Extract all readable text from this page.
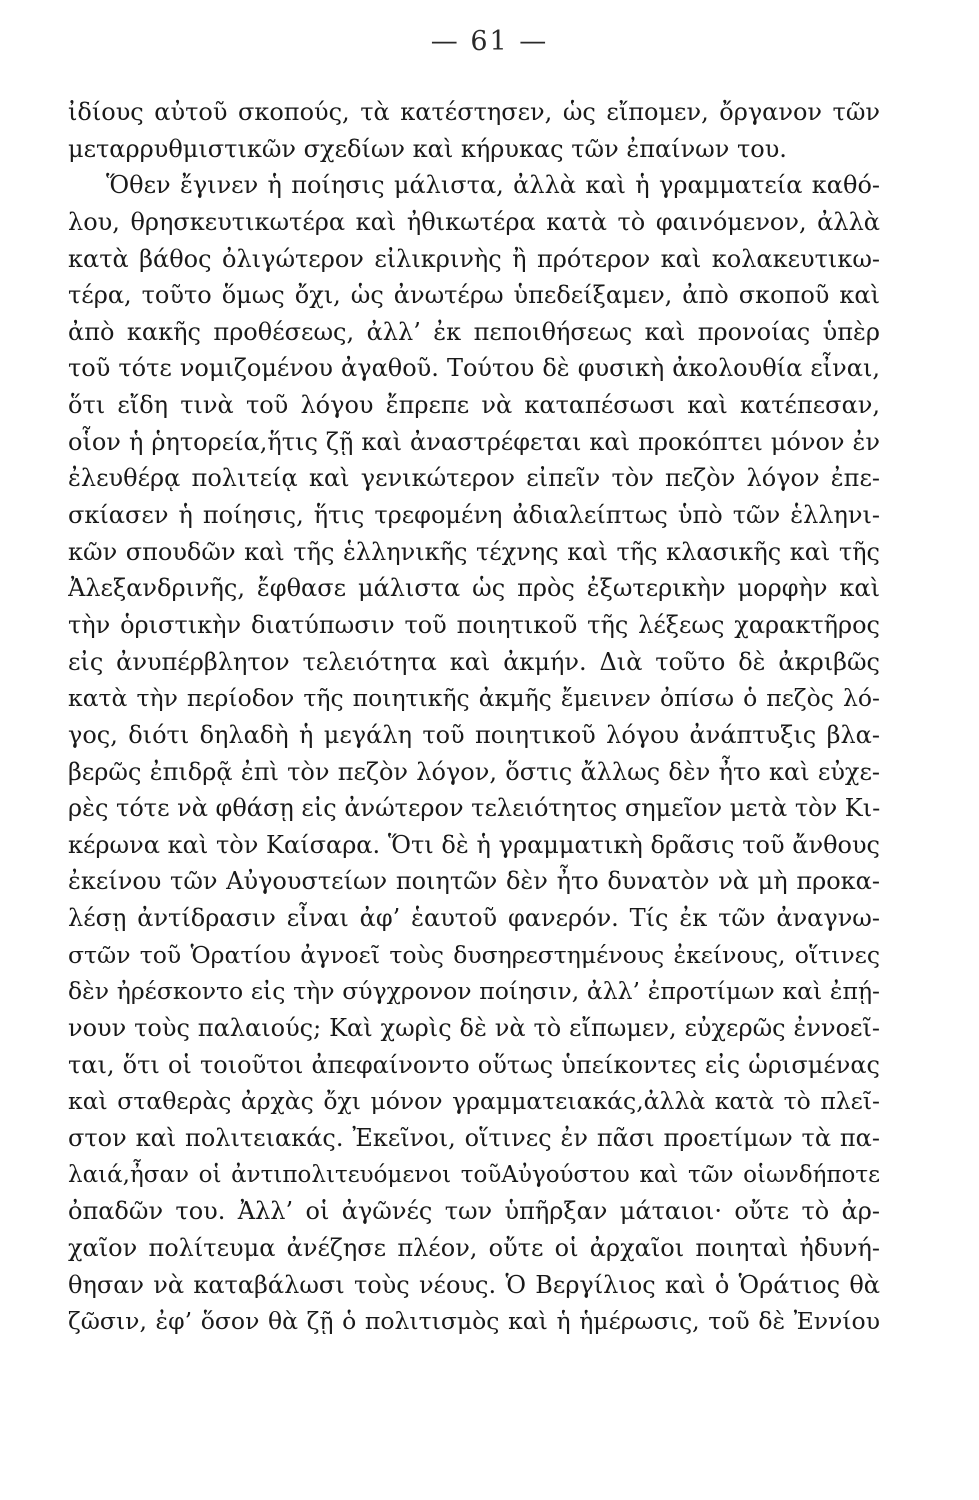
— 61 —
ἰδίους αὐτοῦ σκοπούς, τὰ κατέστησεν, ὡς εἴπομεν, ὄργανον τῶν
μεταρρυθμιστικῶν σχεδίων καὶ κήρυκας τῶν ἐπαίνων του.
Ὅθεν ἔγινεν ἡ ποίησις μάλιστα, ἀλλὰ καὶ ἡ γραμματεία καθό-
λου, θρησκευτικωτέρα καὶ ἠθικωτέρα κατὰ τὸ φαινόμενον, ἀλλὰ
κατὰ βάθος ὀλιγώτερον εἰλικρινὴς ἢ πρότερον καὶ κολακευτικω-
τέρα, τοῦτο ὅμως ὄχι, ὡς ἀνωτέρω ὑπεδείξαμεν, ἀπὸ σκοποῦ καὶ
ἀπὸ κακῆς προθέσεως, ἀλλ’ ἐκ πεποιθήσεως καὶ προνοίας ὑπὲρ
τοῦ τότε νομιζομένου ἀγαθοῦ. Τούτου δὲ φυσικὴ ἀκολουθία εἶναι,
ὅτι εἴδη τινὰ τοῦ λόγου ἔπρεπε νὰ καταπέσωσι καὶ κατέπεσαν,
οἷον ἡ ῥητορεία,ἥτις ζῇ καὶ ἀναστρέφεται καὶ προκόπτει μόνον ἐν
ἐλευθέρᾳ πολιτείᾳ καὶ γενικώτερον εἰπεῖν τὸν πεζὸν λόγον ἐπε-
σκίασεν ἡ ποίησις, ἥτις τρεφομένη ἀδιαλείπτως ὑπὸ τῶν ἑλληνι-
κῶν σπουδῶν καὶ τῆς ἑλληνικῆς τέχνης καὶ τῆς κλασικῆς καὶ τῆς
Ἀλεξανδρινῆς, ἔφθασε μάλιστα ὡς πρὸς ἐξωτερικὴν μορφὴν καὶ
τὴν ὁριστικὴν διατύπωσιν τοῦ ποιητικοῦ τῆς λέξεως χαρακτῆρος
εἰς ἀνυπέρβλητον τελειότητα καὶ ἀκμήν. Διὰ τοῦτο δὲ ἀκριβῶς
κατὰ τὴν περίοδον τῆς ποιητικῆς ἀκμῆς ἔμεινεν ὀπίσω ὁ πεζὸς λό-
γος, διότι δηλαδὴ ἡ μεγάλη τοῦ ποιητικοῦ λόγου ἀνάπτυξις βλα-
βερῶς ἐπιδρᾷ ἐπὶ τὸν πεζὸν λόγον, ὅστις ἄλλως δὲν ἦτο καὶ εὐχε-
ρὲς τότε νὰ φθάσῃ εἰς ἀνώτερον τελειότητος σημεῖον μετὰ τὸν Κι-
κέρωνα καὶ τὸν Καίσαρα. Ὅτι δὲ ἡ γραμματικὴ δρᾶσις τοῦ ἄνθους
ἐκείνου τῶν Αὐγουστείων ποιητῶν δὲν ἦτο δυνατὸν νὰ μὴ προκα-
λέσῃ ἀντίδρασιν εἶναι ἀφ’ ἑαυτοῦ φανερόν. Τίς ἐκ τῶν ἀναγνω-
στῶν τοῦ Ὁρατίου ἀγνοεῖ τοὺς δυσηρεστημένους ἐκείνους, οἵτινες
δὲν ἠρέσκοντο εἰς τὴν σύγχρονον ποίησιν, ἀλλ’ ἐπροτίμων καὶ ἐπῄ-
νουν τοὺς παλαιούς; Καὶ χωρὶς δὲ νὰ τὸ εἴπωμεν, εὐχερῶς ἐννοεῖ-
ται, ὅτι οἱ τοιοῦτοι ἀπεφαίνοντο οὕτως ὑπείκοντες εἰς ὡρισμένας
καὶ σταθερὰς ἀρχὰς ὄχι μόνον γραμματειακάς,ἀλλὰ κατὰ τὸ πλεῖ-
στον καὶ πολιτειακάς. Ἐκεῖνοι, οἵτινες ἐν πᾶσι προετίμων τὰ πα-
λαιά,ἦσαν οἱ ἀντιπολιτευόμενοι τοῦΑὐγούστου καὶ τῶν οἱωνδήποτε
ὀπαδῶν του. Ἀλλ’ οἱ ἀγῶνές των ὑπῆρξαν μάταιοι· οὔτε τὸ ἀρ-
χαῖον πολίτευμα ἀνέζησε πλέον, οὔτε οἱ ἀρχαῖοι ποιηταὶ ἠδυνή-
θησαν νὰ καταβάλωσι τοὺς νέους. Ὁ Βεργίλιος καὶ ὁ Ὁράτιος θὰ
ζῶσιν, ἐφ’ ὅσον θὰ ζῇ ὁ πολιτισμὸς καὶ ἡ ἡμέρωσις, τοῦ δὲ Ἐννίου
